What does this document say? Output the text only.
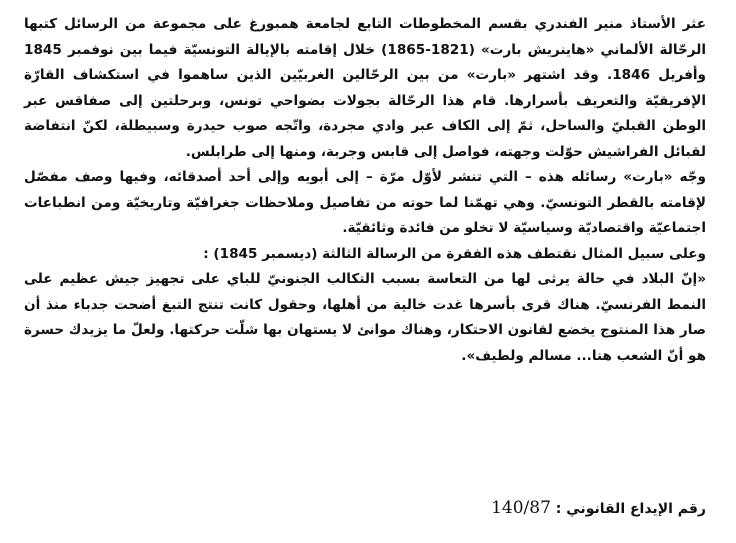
عثر الأستاذ منير الفندري بقسم المخطوطات التابع لجامعة همبورغ على مجموعة من الرسائل كتبها الرحّالة الألماني «هاينريش بارت» (1821-1865) خلال إقامته بالإيالة التونسيّة فيما بين نوفمبر 1845 وأفريل 1846. وقد اشتهر «بارت» من بين الرحّالين الغربيّين الذين ساهموا في استكشاف القارّة الإفريقيّة والتعريف بأسرارها. قام هذا الرحّالة بجولات بضواحي تونس، وبرحلتين إلى صفاقس عبر الوطن القبليّ والساحل، ثمّ إلى الكاف عبر وادي مجردة، واتّجه صوب حيدرة وسبيطلة، لكنّ انتفاضة لقبائل الفراشيش حوّلت وجهته، فواصل إلى قابس وجربة، ومنها إلى طرابلس.

وجّه «بارت» رسائله هذه – التي تنشر لأوّل مرّة – إلى أبويه وإلى أحد أصدقائه، وفيها وصف مفصّل لإقامته بالقطر التونسيّ. وهي تهمّنا لما حوته من تفاصيل وملاحظات جغرافيّة وتاريخيّة ومن انطباعات اجتماعيّة واقتصاديّة وسياسيّة لا تخلو من فائدة وثائقيّة.

وعلى سبيل المثال نقتطف هذه الفقرة من الرسالة الثالثة (ديسمبر 1845) :

«إنّ البلاد في حالة يرثى لها من التعاسة بسبب التكالب الجنونيّ للباي على تجهيز جيش عظيم على النمط الفرنسيّ. هناك قرى بأسرها غدت خالية من أهلها، وحقول كانت تنتج التبغ أضحت جدباء منذ أن صار هذا المنتوج يخضع لقانون الاحتكار، وهناك موانئ لا يستهان بها شلّت حركتها. ولعلّ ما يزيدك حسرة هو أنّ الشعب هنا... مسالم ولطيف».

رقم الإيداع القانوني : 140/87
